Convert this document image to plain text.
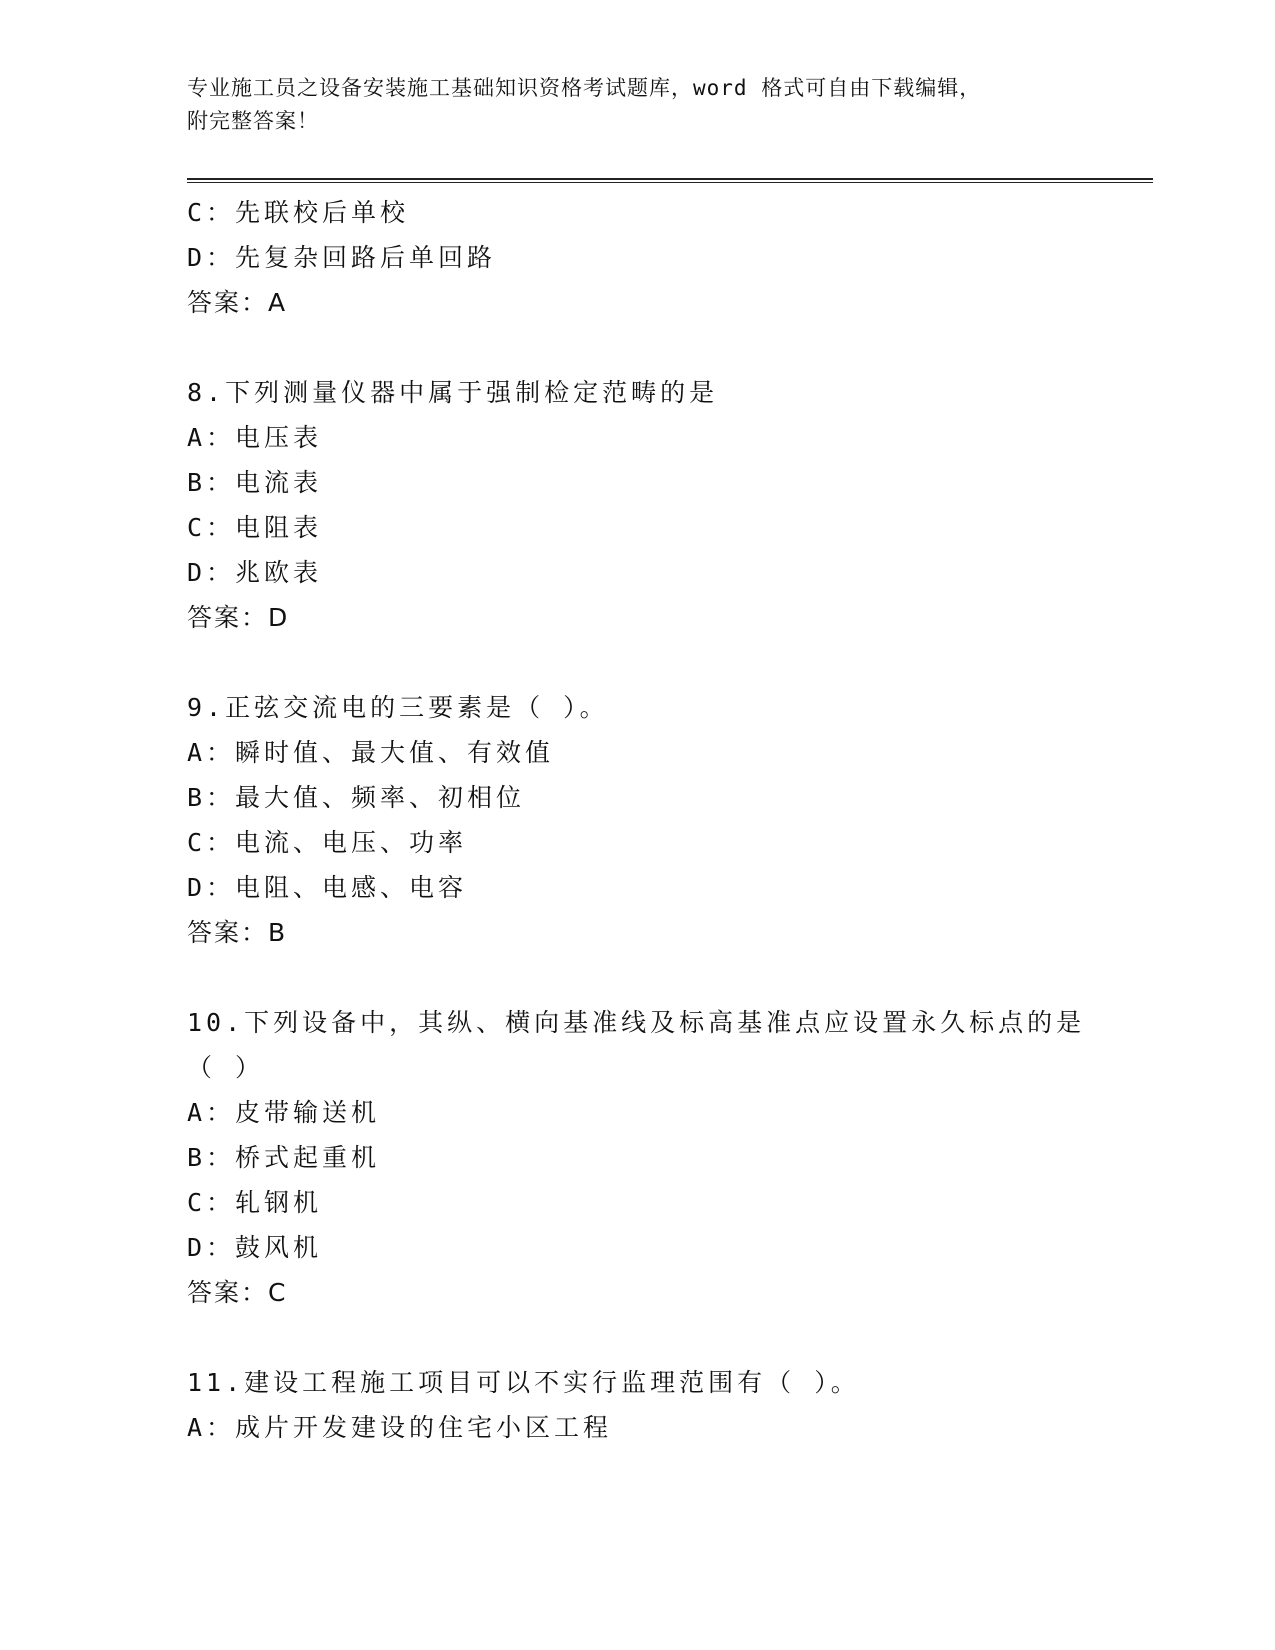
专业施工员之设备安装施工基础知识资格考试题库，word 格式可自由下载编辑，
附完整答案！
C：先联校后单校
D：先复杂回路后单回路
答案：A
8.下列测量仪器中属于强制检定范畴的是
A：电压表
B：电流表
C：电阻表
D：兆欧表
答案：D
9.正弦交流电的三要素是（ ）。
A：瞬时值、最大值、有效值
B：最大值、频率、初相位
C：电流、电压、功率
D：电阻、电感、电容
答案：B
10.下列设备中，其纵、横向基准线及标高基准点应设置永久标点的是
（ ）
A：皮带输送机
B：桥式起重机
C：轧钢机
D：鼓风机
答案：C
11.建设工程施工项目可以不实行监理范围有（ ）。
A：成片开发建设的住宅小区工程
